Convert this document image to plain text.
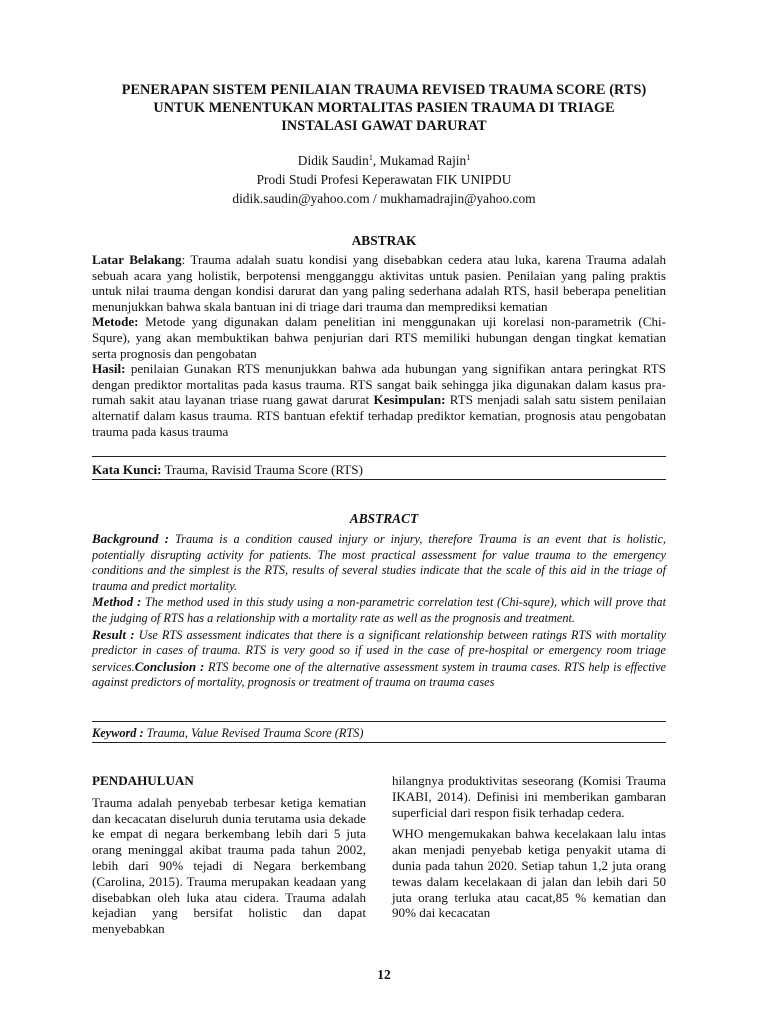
PENERAPAN SISTEM PENILAIAN TRAUMA REVISED TRAUMA SCORE (RTS)
UNTUK MENENTUKAN MORTALITAS PASIEN TRAUMA DI TRIAGE
INSTALASI GAWAT DARURAT
Didik Saudin$^1$, Mukamad Rajin$^1$
Prodi Studi Profesi Keperawatan FIK UNIPDU
didik.saudin@yahoo.com / mukhamadrajin@yahoo.com
ABSTRAK

Latar Belakang: Trauma adalah suatu kondisi yang disebabkan cedera atau luka, karena Trauma adalah sebuah acara yang holistik, berpotensi mengganggu aktivitas untuk pasien. Penilaian yang paling praktis untuk nilai trauma dengan kondisi darurat dan yang paling sederhana adalah RTS, hasil beberapa penelitian menunjukkan bahwa skala bantuan ini di triage dari trauma dan memprediksi kematian

Metode: Metode yang digunakan dalam penelitian ini menggunakan uji korelasi non-parametrik (Chi-Squre), yang akan membuktikan bahwa penjurian dari RTS memiliki hubungan dengan tingkat kematian serta prognosis dan pengobatan

Hasil: penilaian Gunakan RTS menunjukkan bahwa ada hubungan yang signifikan antara peringkat RTS dengan prediktor mortalitas pada kasus trauma. RTS sangat baik sehingga jika digunakan dalam kasus pra-rumah sakit atau layanan triase ruang gawat darurat Kesimpulan: RTS menjadi salah satu sistem penilaian alternatif dalam kasus trauma. RTS bantuan efektif terhadap prediktor kematian, prognosis atau pengobatan trauma pada kasus trauma

Kata Kunci: Trauma, Ravisid Trauma Score (RTS)
ABSTRACT

Background : Trauma is a condition caused injury or injury, therefore Trauma is an event that is holistic, potentially disrupting activity for patients. The most practical assessment for value trauma to the emergency conditions and the simplest is the RTS, results of several studies indicate that the scale of this aid in the triage of trauma and predict mortality.

Method : The method used in this study using a non-parametric correlation test (Chi-squre), which will prove that the judging of RTS has a relationship with a mortality rate as well as the prognosis and treatment.

Result : Use RTS assessment indicates that there is a significant relationship between ratings RTS with mortality predictor in cases of trauma. RTS is very good so if used in the case of pre-hospital or emergency room triage services.Conclusion : RTS become one of the alternative assessment system in trauma cases. RTS help is effective against predictors of mortality, prognosis or treatment of trauma on trauma cases

Keyword : Trauma, Value Revised Trauma Score (RTS)
PENDAHULUAN

Trauma adalah penyebab terbesar ketiga kematian dan kecacatan diseluruh dunia terutama usia dekade ke empat di negara berkembang lebih dari 5 juta orang meninggal akibat trauma pada tahun 2002, lebih dari 90% tejadi di Negara berkembang (Carolina, 2015). Trauma merupakan keadaan yang disebabkan oleh luka atau cidera. Trauma adalah kejadian yang bersifat holistic dan dapat menyebabkan

hilangnya produktivitas seseorang (Komisi Trauma IKABI, 2014). Definisi ini memberikan gambaran superficial dari respon fisik terhadap cedera.

WHO mengemukakan bahwa kecelakaan lalu intas akan menjadi penyebab ketiga penyakit utama di dunia pada tahun 2020. Setiap tahun 1,2 juta orang tewas dalam kecelakaan di jalan dan lebih dari 50 juta orang terluka atau cacat,85 % kematian dan 90% dai kecacatan

12
